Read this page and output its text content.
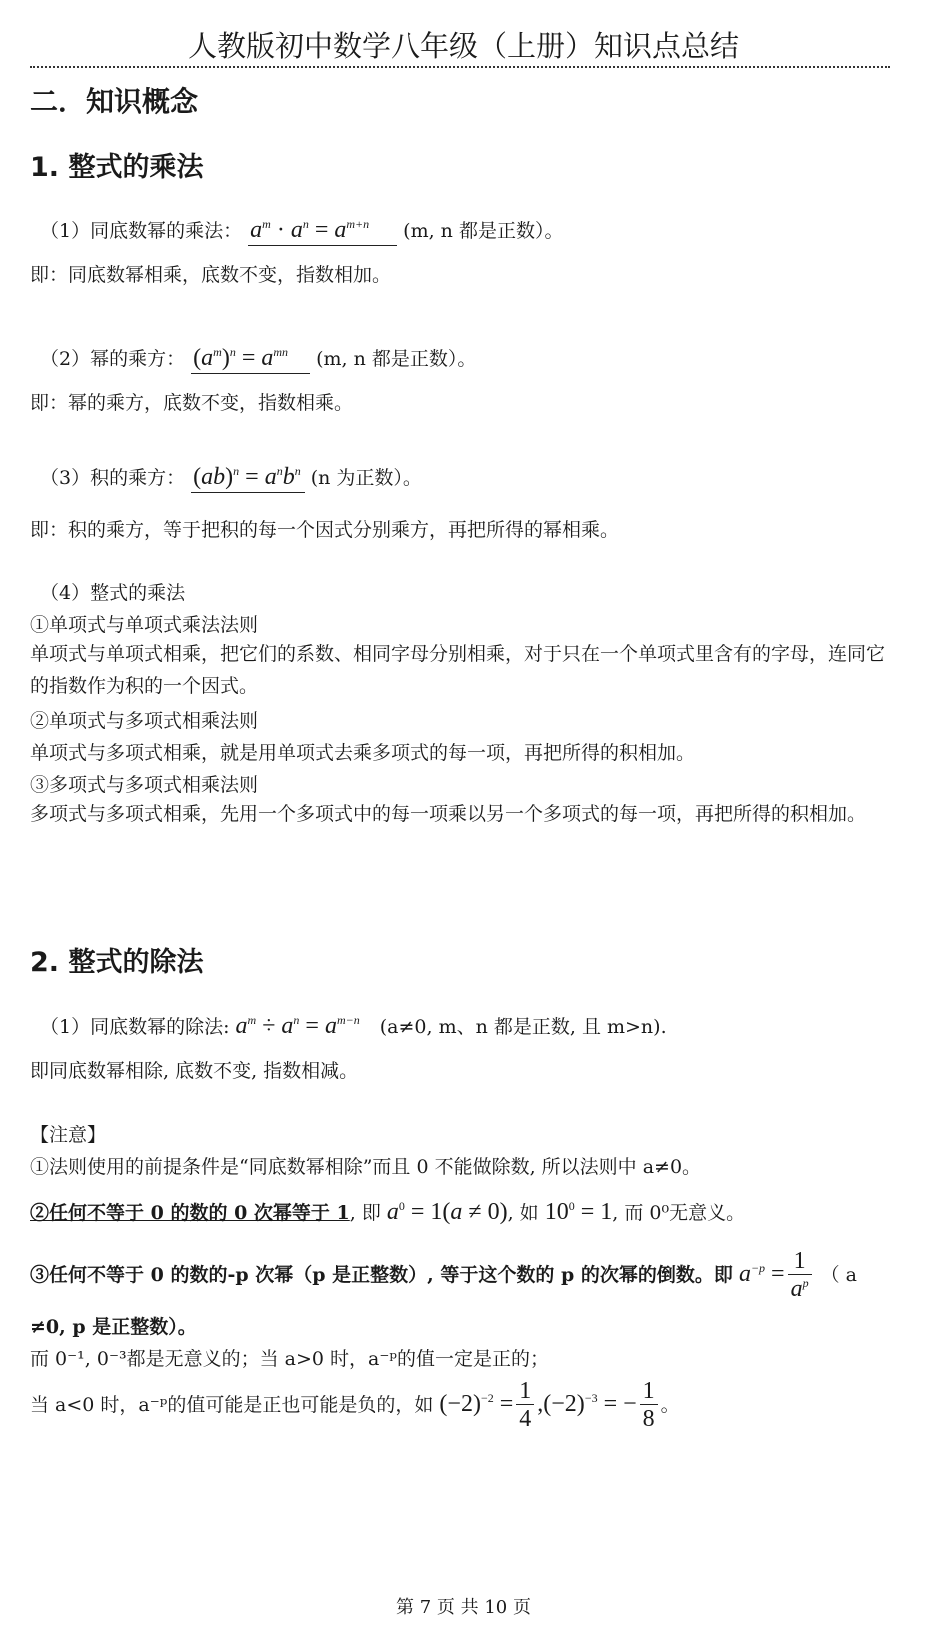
人教版初中数学八年级（上册）知识点总结
二．知识概念
1. 整式的乘法
（1）同底数幂的乘法： $a^m \cdot a^n = a^{m+n}$ (m, n 都是正数）。
即：同底数幂相乘，底数不变，指数相加。
（2）幂的乘方： $(a^m)^n = a^{mn}$ (m, n 都是正数）。
即：幂的乘方，底数不变，指数相乘。
（3）积的乘方： $(ab)^n = a^nb^n$ (n 为正数）。
即：积的乘方，等于把积的每一个因式分别乘方，再把所得的幂相乘。
（4）整式的乘法
①单项式与单项式乘法法则
单项式与单项式相乘，把它们的系数、相同字母分别相乘，对于只在一个单项式里含有的字母，连同它的指数作为积的一个因式。
②单项式与多项式相乘法则
单项式与多项式相乘，就是用单项式去乘多项式的每一项，再把所得的积相加。
③多项式与多项式相乘法则
多项式与多项式相乘，先用一个多项式中的每一项乘以另一个多项式的每一项，再把所得的积相加。
2. 整式的除法
（1）同底数幂的除法: $a^m \div a^n = a^{m-n}$ (a≠0, m、n 都是正数, 且 m>n).
即同底数幂相除, 底数不变, 指数相减。
【注意】
①法则使用的前提条件是“同底数幂相除”而且 0 不能做除数, 所以法则中 a≠0。
②任何不等于 0 的数的 0 次幂等于 1, 即 $a^0 = 1(a \ne 0)$, 如 $10^0 = 1$, 而 0⁰无意义。
③任何不等于 0 的数的-p 次幂（p 是正整数）, 等于这个数的 p 的次幂的倒数。即 $a^{-p} = \frac{1}{a^p}$ （ a
≠0, p 是正整数）。
而 0⁻¹, 0⁻³都是无意义的；当 a>0 时，a⁻ᵖ的值一定是正的；
当 a<0 时，a⁻ᵖ的值可能是正也可能是负的，如 $(-2)^{-2} = \frac{1}{4} ,(-2)^{-3}$ = − $\frac{1}{8}$ 。
第 7 页 共 10 页
